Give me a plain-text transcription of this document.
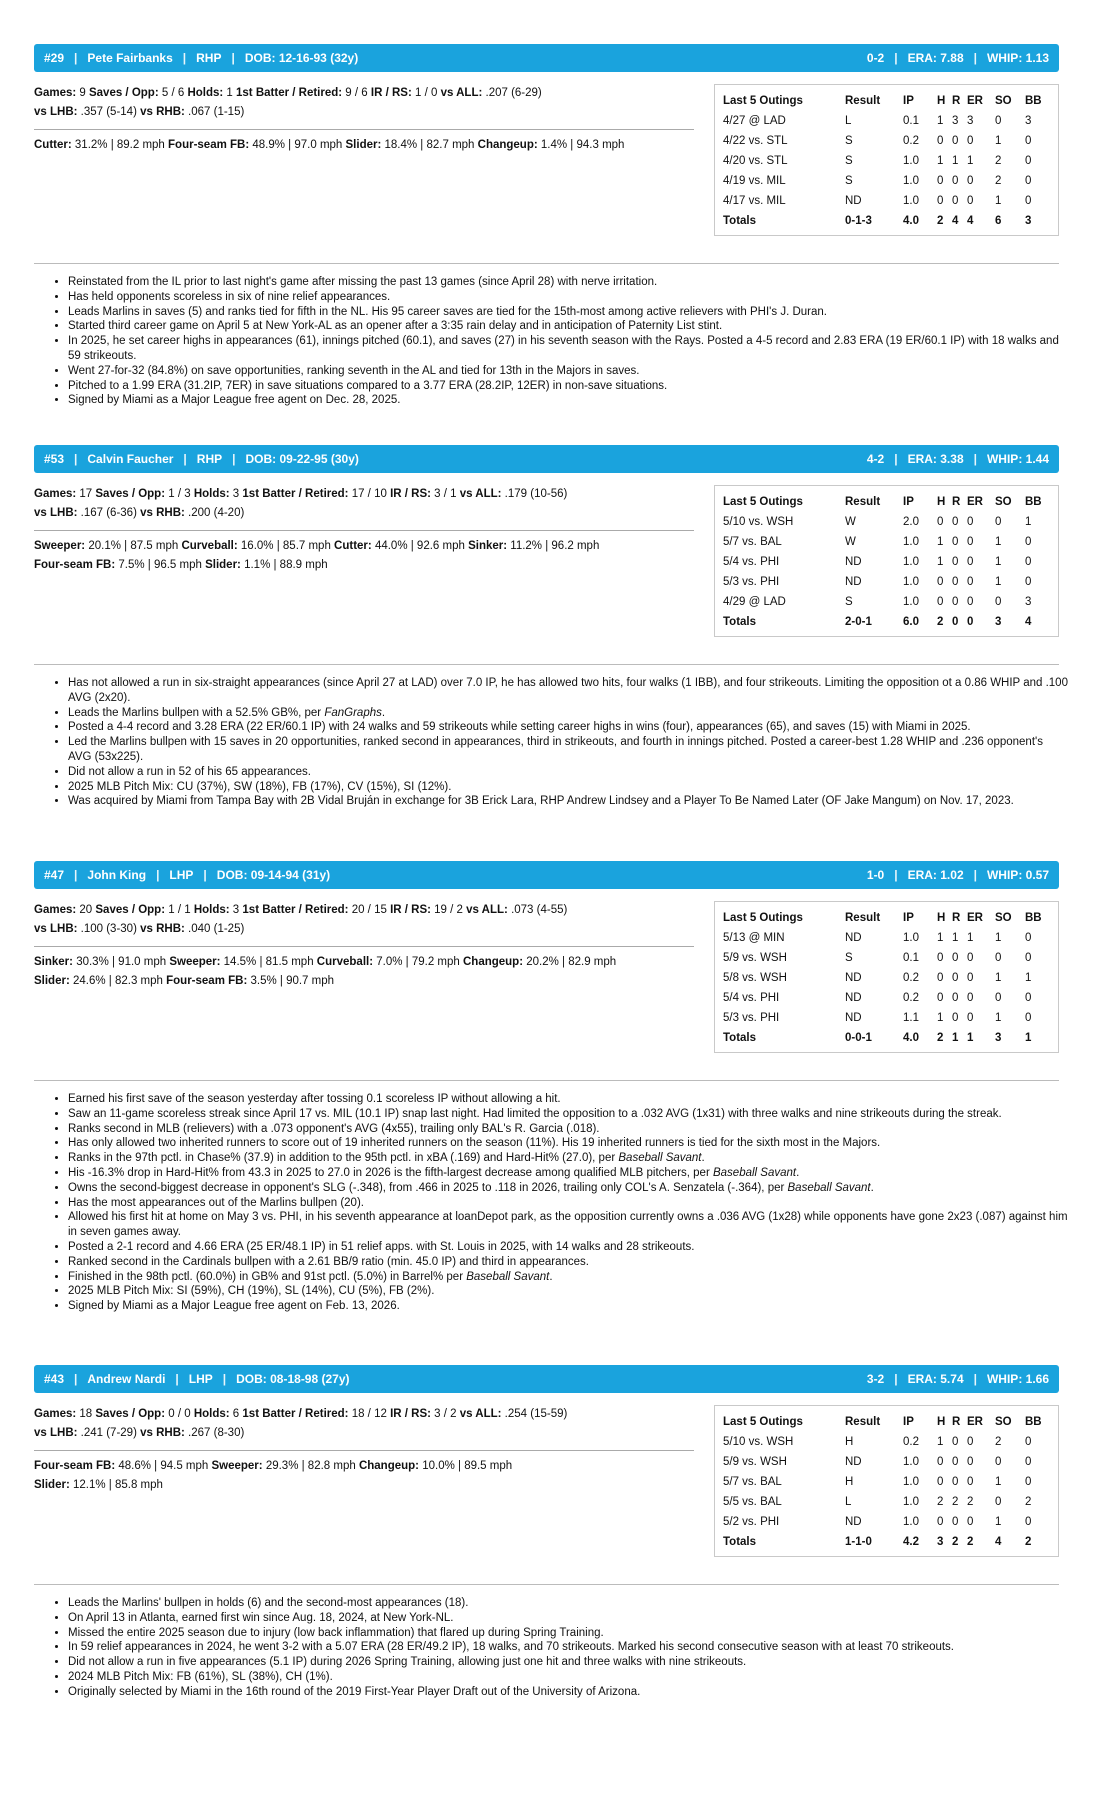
#29 | Pete Fairbanks | RHP | DOB: 12-16-93 (32y)	0-2 | ERA: 7.88 | WHIP: 1.13
Games: 9 Saves / Opp: 5 / 6 Holds: 1 1st Batter / Retired: 9 / 6 IR / RS: 1 / 0 vs ALL: .207 (6-29)
vs LHB: .357 (5-14) vs RHB: .067 (1-15)
Cutter: 31.2% | 89.2 mph Four-seam FB: 48.9% | 97.0 mph Slider: 18.4% | 82.7 mph Changeup: 1.4% | 94.3 mph
Last 5 Outings	Result	IP	H	R	ER	SO	BB
4/27 @ LAD	L	0.1	1	3	3	0	3
4/22 vs. STL	S	0.2	0	0	0	1	0
4/20 vs. STL	S	1.0	1	1	1	2	0
4/19 vs. MIL	S	1.0	0	0	0	2	0
4/17 vs. MIL	ND	1.0	0	0	0	1	0
Totals	0-1-3	4.0	2	4	4	6	3
• Reinstated from the IL prior to last night's game after missing the past 13 games (since April 28) with nerve irritation.
• Has held opponents scoreless in six of nine relief appearances.
• Leads Marlins in saves (5) and ranks tied for fifth in the NL. His 95 career saves are tied for the 15th-most among active relievers with PHI's J. Duran.
• Started third career game on April 5 at New York-AL as an opener after a 3:35 rain delay and in anticipation of Paternity List stint.
• In 2025, he set career highs in appearances (61), innings pitched (60.1), and saves (27) in his seventh season with the Rays. Posted a 4-5 record and 2.83 ERA (19 ER/60.1 IP) with 18 walks and 59 strikeouts.
• Went 27-for-32 (84.8%) on save opportunities, ranking seventh in the AL and tied for 13th in the Majors in saves.
• Pitched to a 1.99 ERA (31.2IP, 7ER) in save situations compared to a 3.77 ERA (28.2IP, 12ER) in non-save situations.
• Signed by Miami as a Major League free agent on Dec. 28, 2025.
#53 | Calvin Faucher | RHP | DOB: 09-22-95 (30y)	4-2 | ERA: 3.38 | WHIP: 1.44
Games: 17 Saves / Opp: 1 / 3 Holds: 3 1st Batter / Retired: 17 / 10 IR / RS: 3 / 1 vs ALL: .179 (10-56)
vs LHB: .167 (6-36) vs RHB: .200 (4-20)
Sweeper: 20.1% | 87.5 mph Curveball: 16.0% | 85.7 mph Cutter: 44.0% | 92.6 mph Sinker: 11.2% | 96.2 mph
Four-seam FB: 7.5% | 96.5 mph Slider: 1.1% | 88.9 mph
Last 5 Outings	Result	IP	H	R	ER	SO	BB
5/10 vs. WSH	W	2.0	0	0	0	0	1
5/7 vs. BAL	W	1.0	1	0	0	1	0
5/4 vs. PHI	ND	1.0	1	0	0	1	0
5/3 vs. PHI	ND	1.0	0	0	0	1	0
4/29 @ LAD	S	1.0	0	0	0	0	3
Totals	2-0-1	6.0	2	0	0	3	4
• Has not allowed a run in six-straight appearances (since April 27 at LAD) over 7.0 IP, he has allowed two hits, four walks (1 IBB), and four strikeouts. Limiting the opposition ot a 0.86 WHIP and .100 AVG (2x20).
• Leads the Marlins bullpen with a 52.5% GB%, per FanGraphs.
• Posted a 4-4 record and 3.28 ERA (22 ER/60.1 IP) with 24 walks and 59 strikeouts while setting career highs in wins (four), appearances (65), and saves (15) with Miami in 2025.
• Led the Marlins bullpen with 15 saves in 20 opportunities, ranked second in appearances, third in strikeouts, and fourth in innings pitched. Posted a career-best 1.28 WHIP and .236 opponent's AVG (53x225).
• Did not allow a run in 52 of his 65 appearances.
• 2025 MLB Pitch Mix: CU (37%), SW (18%), FB (17%), CV (15%), SI (12%).
• Was acquired by Miami from Tampa Bay with 2B Vidal Bruján in exchange for 3B Erick Lara, RHP Andrew Lindsey and a Player To Be Named Later (OF Jake Mangum) on Nov. 17, 2023.
#47 | John King | LHP | DOB: 09-14-94 (31y)	1-0 | ERA: 1.02 | WHIP: 0.57
Games: 20 Saves / Opp: 1 / 1 Holds: 3 1st Batter / Retired: 20 / 15 IR / RS: 19 / 2 vs ALL: .073 (4-55)
vs LHB: .100 (3-30) vs RHB: .040 (1-25)
Sinker: 30.3% | 91.0 mph Sweeper: 14.5% | 81.5 mph Curveball: 7.0% | 79.2 mph Changeup: 20.2% | 82.9 mph
Slider: 24.6% | 82.3 mph Four-seam FB: 3.5% | 90.7 mph
Last 5 Outings	Result	IP	H	R	ER	SO	BB
5/13 @ MIN	ND	1.0	1	1	1	1	0
5/9 vs. WSH	S	0.1	0	0	0	0	0
5/8 vs. WSH	ND	0.2	0	0	0	1	1
5/4 vs. PHI	ND	0.2	0	0	0	0	0
5/3 vs. PHI	ND	1.1	1	0	0	1	0
Totals	0-0-1	4.0	2	1	1	3	1
• Earned his first save of the season yesterday after tossing 0.1 scoreless IP without allowing a hit.
• Saw an 11-game scoreless streak since April 17 vs. MIL (10.1 IP) snap last night. Had limited the opposition to a .032 AVG (1x31) with three walks and nine strikeouts during the streak.
• Ranks second in MLB (relievers) with a .073 opponent's AVG (4x55), trailing only BAL's R. Garcia (.018).
• Has only allowed two inherited runners to score out of 19 inherited runners on the season (11%). His 19 inherited runners is tied for the sixth most in the Majors.
• Ranks in the 97th pctl. in Chase% (37.9) in addition to the 95th pctl. in xBA (.169) and Hard-Hit% (27.0), per Baseball Savant.
• His -16.3% drop in Hard-Hit% from 43.3 in 2025 to 27.0 in 2026 is the fifth-largest decrease among qualified MLB pitchers, per Baseball Savant.
• Owns the second-biggest decrease in opponent's SLG (-.348), from .466 in 2025 to .118 in 2026, trailing only COL's A. Senzatela (-.364), per Baseball Savant.
• Has the most appearances out of the Marlins bullpen (20).
• Allowed his first hit at home on May 3 vs. PHI, in his seventh appearance at loanDepot park, as the opposition currently owns a .036 AVG (1x28) while opponents have gone 2x23 (.087) against him in seven games away.
• Posted a 2-1 record and 4.66 ERA (25 ER/48.1 IP) in 51 relief apps. with St. Louis in 2025, with 14 walks and 28 strikeouts.
• Ranked second in the Cardinals bullpen with a 2.61 BB/9 ratio (min. 45.0 IP) and third in appearances.
• Finished in the 98th pctl. (60.0%) in GB% and 91st pctl. (5.0%) in Barrel% per Baseball Savant.
• 2025 MLB Pitch Mix: SI (59%), CH (19%), SL (14%), CU (5%), FB (2%).
• Signed by Miami as a Major League free agent on Feb. 13, 2026.
#43 | Andrew Nardi | LHP | DOB: 08-18-98 (27y)	3-2 | ERA: 5.74 | WHIP: 1.66
Games: 18 Saves / Opp: 0 / 0 Holds: 6 1st Batter / Retired: 18 / 12 IR / RS: 3 / 2 vs ALL: .254 (15-59)
vs LHB: .241 (7-29) vs RHB: .267 (8-30)
Four-seam FB: 48.6% | 94.5 mph Sweeper: 29.3% | 82.8 mph Changeup: 10.0% | 89.5 mph
Slider: 12.1% | 85.8 mph
Last 5 Outings	Result	IP	H	R	ER	SO	BB
5/10 vs. WSH	H	0.2	1	0	0	2	0
5/9 vs. WSH	ND	1.0	0	0	0	0	0
5/7 vs. BAL	H	1.0	0	0	0	1	0
5/5 vs. BAL	L	1.0	2	2	2	0	2
5/2 vs. PHI	ND	1.0	0	0	0	1	0
Totals	1-1-0	4.2	3	2	2	4	2
• Leads the Marlins' bullpen in holds (6) and the second-most appearances (18).
• On April 13 in Atlanta, earned first win since Aug. 18, 2024, at New York-NL.
• Missed the entire 2025 season due to injury (low back inflammation) that flared up during Spring Training.
• In 59 relief appearances in 2024, he went 3-2 with a 5.07 ERA (28 ER/49.2 IP), 18 walks, and 70 strikeouts. Marked his second consecutive season with at least 70 strikeouts.
• Did not allow a run in five appearances (5.1 IP) during 2026 Spring Training, allowing just one hit and three walks with nine strikeouts.
• 2024 MLB Pitch Mix: FB (61%), SL (38%), CH (1%).
• Originally selected by Miami in the 16th round of the 2019 First-Year Player Draft out of the University of Arizona.
